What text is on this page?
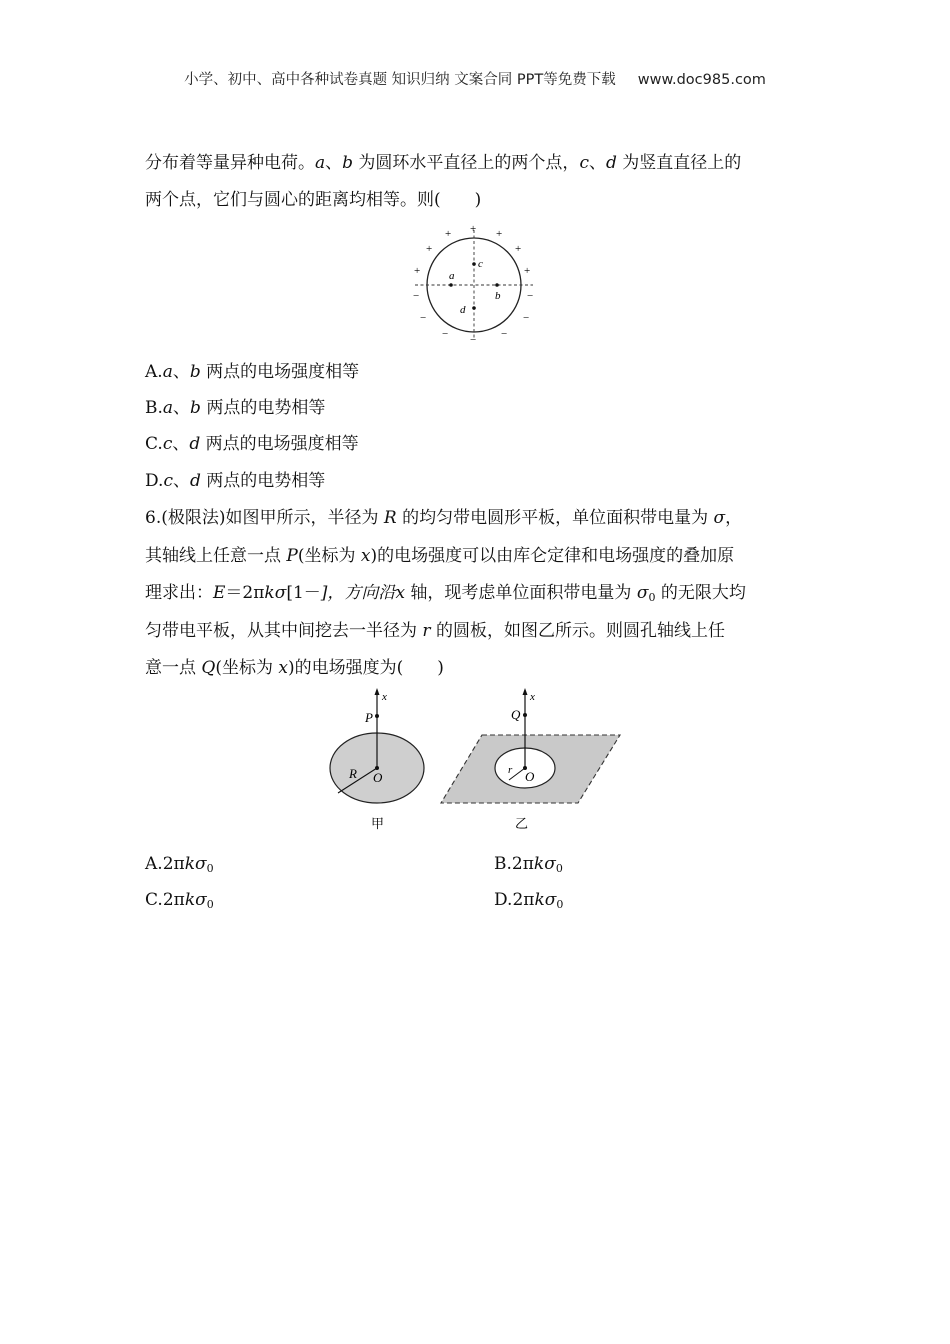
小学、初中、高中各种试卷真题 知识归纳 文案合同 PPT等免费下载 www.doc985.com
分布着等量异种电荷。a、b 为圆环水平直径上的两个点，c、d 为竖直直径上的
两个点，它们与圆心的距离均相等。则(　　)
a
b
c
d
+
+	+
+	+
+	+
−	−
−	−
−	−
−
A.a、b 两点的电场强度相等
B.a、b 两点的电势相等
C.c、d 两点的电场强度相等
D.c、d 两点的电势相等
6.(极限法)如图甲所示，半径为 R 的均匀带电圆形平板，单位面积带电量为 σ，
其轴线上任意一点 P(坐标为 x)的电场强度可以由库仑定律和电场强度的叠加原
理求出：E＝2πkσ[1－]，方向沿x 轴，现考虑单位面积带电量为 $\sigma_0$ 的无限大均
匀带电平板，从其中间挖去一半径为 r 的圆板，如图乙所示。则圆孔轴线上任
意一点 Q(坐标为 x)的电场强度为(　　)
x
P
R O
甲
x
Q
r O
乙
A.2πkσ$_0$	B.2πkσ$_0$
C.2πkσ$_0$	D.2πkσ$_0$
